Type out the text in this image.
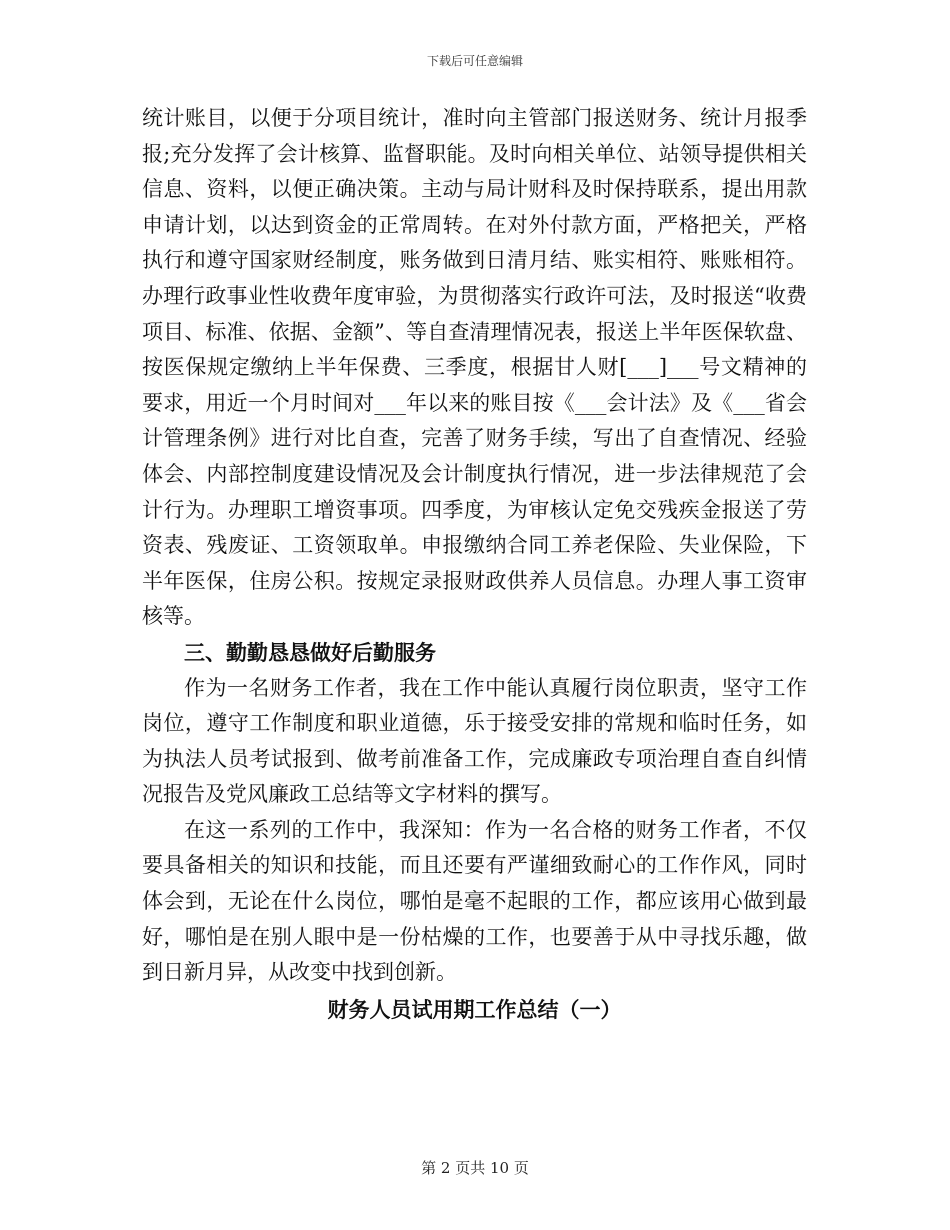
下载后可任意编辑

统计账目，以便于分项目统计，准时向主管部门报送财务、统计月报季报;充分发挥了会计核算、监督职能。及时向相关单位、站领导提供相关信息、资料，以便正确决策。主动与局计财科及时保持联系，提出用款申请计划，以达到资金的正常周转。在对外付款方面，严格把关，严格执行和遵守国家财经制度，账务做到日清月结、账实相符、账账相符。办理行政事业性收费年度审验，为贯彻落实行政许可法，及时报送“收费项目、标准、依据、金额”、等自查清理情况表，报送上半年医保软盘、按医保规定缴纳上半年保费、三季度，根据甘人财[___]___号文精神的要求，用近一个月时间对___年以来的账目按《___会计法》及《___省会计管理条例》进行对比自查，完善了财务手续，写出了自查情况、经验体会、内部控制度建设情况及会计制度执行情况，进一步法律规范了会计行为。办理职工增资事项。四季度，为审核认定免交残疾金报送了劳资表、残废证、工资领取单。申报缴纳合同工养老保险、失业保险，下半年医保，住房公积。按规定录报财政供养人员信息。办理人事工资审核等。

三、勤勤恳恳做好后勤服务

作为一名财务工作者，我在工作中能认真履行岗位职责，坚守工作岗位，遵守工作制度和职业道德，乐于接受安排的常规和临时任务，如为执法人员考试报到、做考前准备工作，完成廉政专项治理自查自纠情况报告及党风廉政工总结等文字材料的撰写。

在这一系列的工作中，我深知：作为一名合格的财务工作者，不仅要具备相关的知识和技能，而且还要有严谨细致耐心的工作作风，同时体会到，无论在什么岗位，哪怕是毫不起眼的工作，都应该用心做到最好，哪怕是在别人眼中是一份枯燥的工作，也要善于从中寻找乐趣，做到日新月异，从改变中找到创新。

财务人员试用期工作总结（一）

第 2 页共 10 页
